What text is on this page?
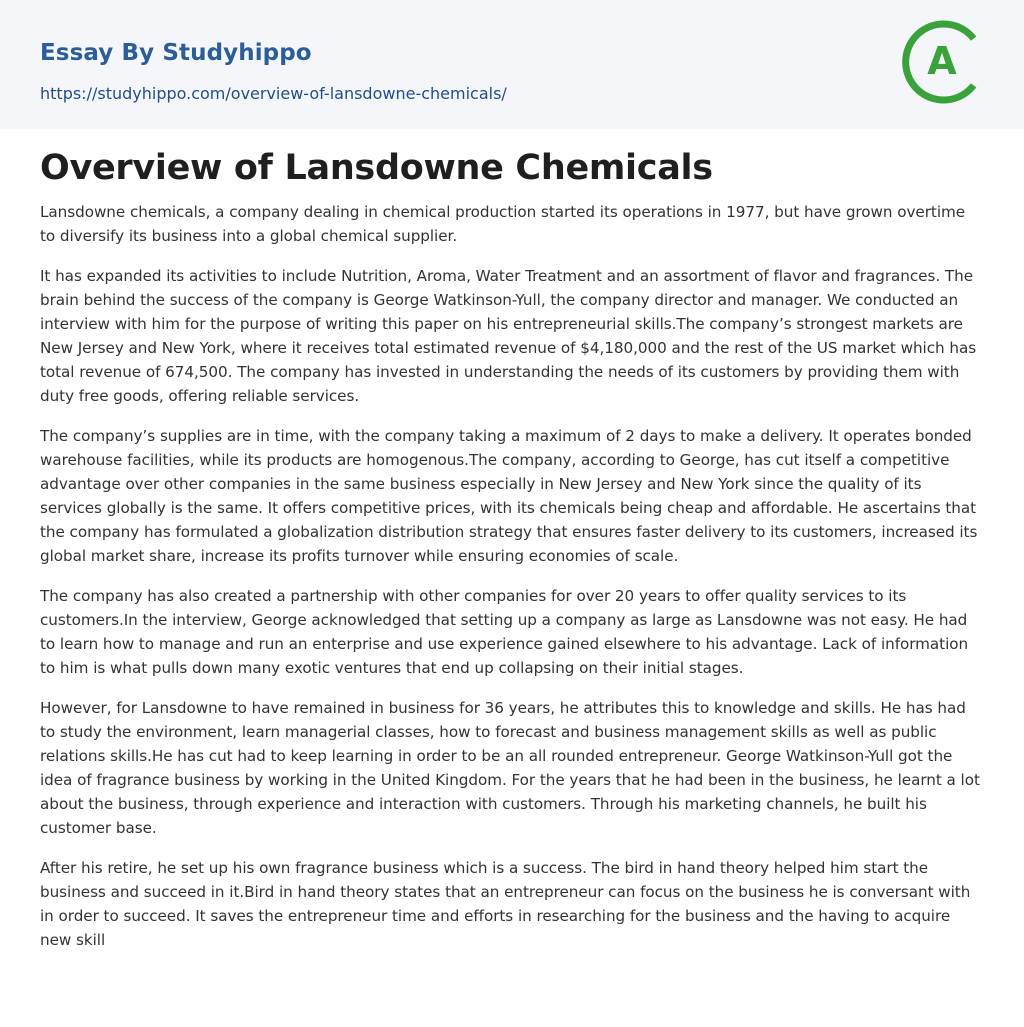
Essay By Studyhippo
https://studyhippo.com/overview-of-lansdowne-chemicals/
A
Overview of Lansdowne Chemicals

Lansdowne chemicals, a company dealing in chemical production started its operations in 1977, but have grown overtime to diversify its business into a global chemical supplier.

It has expanded its activities to include Nutrition, Aroma, Water Treatment and an assortment of flavor and fragrances. The brain behind the success of the company is George Watkinson-Yull, the company director and manager. We conducted an interview with him for the purpose of writing this paper on his entrepreneurial skills.The company’s strongest markets are New Jersey and New York, where it receives total estimated revenue of $4,180,000 and the rest of the US market which has total revenue of 674,500. The company has invested in understanding the needs of its customers by providing them with duty free goods, offering reliable services.

The company’s supplies are in time, with the company taking a maximum of 2 days to make a delivery. It operates bonded warehouse facilities, while its products are homogenous.The company, according to George, has cut itself a competitive advantage over other companies in the same business especially in New Jersey and New York since the quality of its services globally is the same. It offers competitive prices, with its chemicals being cheap and affordable. He ascertains that the company has formulated a globalization distribution strategy that ensures faster delivery to its customers, increased its global market share, increase its profits turnover while ensuring economies of scale.

The company has also created a partnership with other companies for over 20 years to offer quality services to its customers.In the interview, George acknowledged that setting up a company as large as Lansdowne was not easy. He had to learn how to manage and run an enterprise and use experience gained elsewhere to his advantage. Lack of information to him is what pulls down many exotic ventures that end up collapsing on their initial stages.

However, for Lansdowne to have remained in business for 36 years, he attributes this to knowledge and skills. He has had to study the environment, learn managerial classes, how to forecast and business management skills as well as public relations skills.He has cut had to keep learning in order to be an all rounded entrepreneur. George Watkinson-Yull got the idea of fragrance business by working in the United Kingdom. For the years that he had been in the business, he learnt a lot about the business, through experience and interaction with customers. Through his marketing channels, he built his customer base.

After his retire, he set up his own fragrance business which is a success. The bird in hand theory helped him start the business and succeed in it.Bird in hand theory states that an entrepreneur can focus on the business he is conversant with in order to succeed. It saves the entrepreneur time and efforts in researching for the business and the having to acquire new skill
